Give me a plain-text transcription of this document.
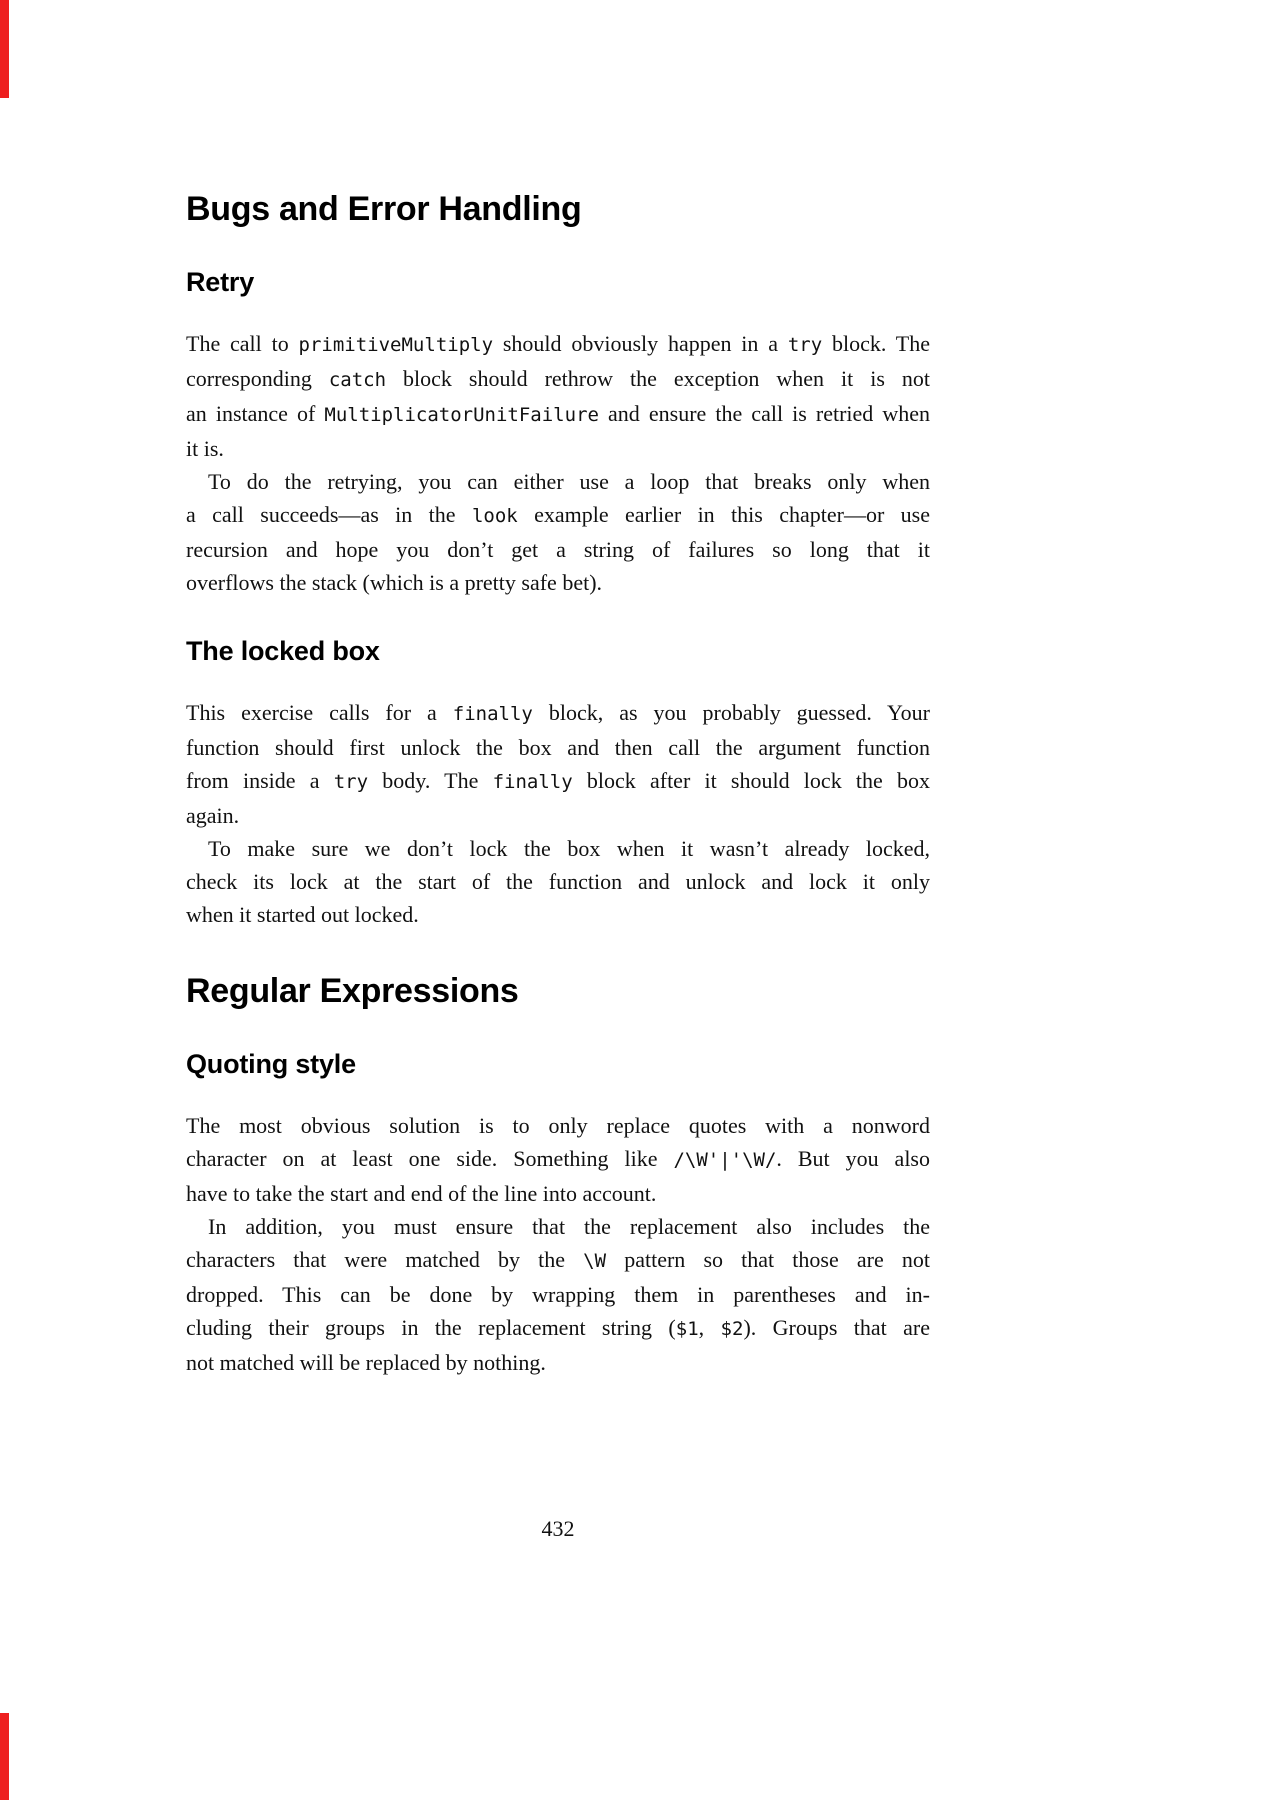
Bugs and Error Handling
Retry
The call to primitiveMultiply should obviously happen in a try block. The
corresponding catch block should rethrow the exception when it is not
an instance of MultiplicatorUnitFailure and ensure the call is retried when
it is.
To do the retrying, you can either use a loop that breaks only when
a call succeeds—as in the look example earlier in this chapter—or use
recursion and hope you don’t get a string of failures so long that it
overflows the stack (which is a pretty safe bet).
The locked box
This exercise calls for a finally block, as you probably guessed. Your
function should first unlock the box and then call the argument function
from inside a try body. The finally block after it should lock the box
again.
To make sure we don’t lock the box when it wasn’t already locked,
check its lock at the start of the function and unlock and lock it only
when it started out locked.
Regular Expressions
Quoting style
The most obvious solution is to only replace quotes with a nonword
character on at least one side. Something like /\W'|'\W/. But you also
have to take the start and end of the line into account.
In addition, you must ensure that the replacement also includes the
characters that were matched by the \W pattern so that those are not
dropped. This can be done by wrapping them in parentheses and in-
cluding their groups in the replacement string ($1, $2). Groups that are
not matched will be replaced by nothing.
432
